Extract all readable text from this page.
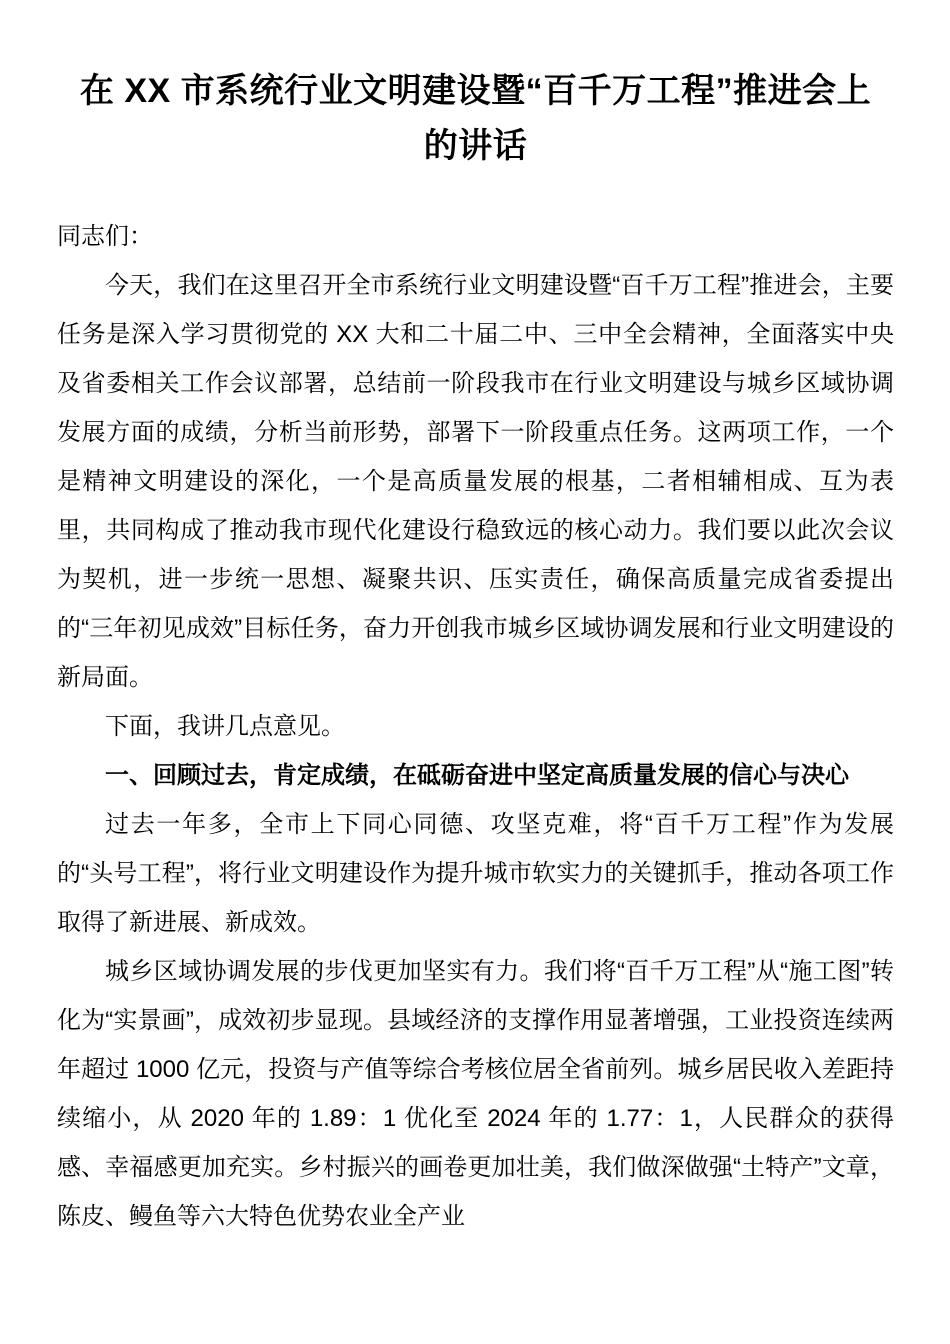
在 XX 市系统行业文明建设暨“百千万工程”推进会上
的讲话

同志们：

今天，我们在这里召开全市系统行业文明建设暨“百千万工程”推进会，主要任务是深入学习贯彻党的 XX 大和二十届二中、三中全会精神，全面落实中央及省委相关工作会议部署，总结前一阶段我市在行业文明建设与城乡区域协调发展方面的成绩，分析当前形势，部署下一阶段重点任务。这两项工作，一个是精神文明建设的深化，一个是高质量发展的根基，二者相辅相成、互为表里，共同构成了推动我市现代化建设行稳致远的核心动力。我们要以此次会议为契机，进一步统一思想、凝聚共识、压实责任，确保高质量完成省委提出的“三年初见成效”目标任务，奋力开创我市城乡区域协调发展和行业文明建设的新局面。

下面，我讲几点意见。

一、回顾过去，肯定成绩，在砥砺奋进中坚定高质量发展的信心与决心

过去一年多，全市上下同心同德、攻坚克难，将“百千万工程”作为发展的“头号工程”，将行业文明建设作为提升城市软实力的关键抓手，推动各项工作取得了新进展、新成效。

城乡区域协调发展的步伐更加坚实有力。我们将“百千万工程”从“施工图”转化为“实景画”，成效初步显现。县域经济的支撑作用显著增强，工业投资连续两年超过 1000 亿元，投资与产值等综合考核位居全省前列。城乡居民收入差距持续缩小，从 2020 年的 1.89：1 优化至 2024 年的 1.77：1，人民群众的获得感、幸福感更加充实。乡村振兴的画卷更加壮美，我们做深做强“土特产”文章，陈皮、鳗鱼等六大特色优势农业全产业
